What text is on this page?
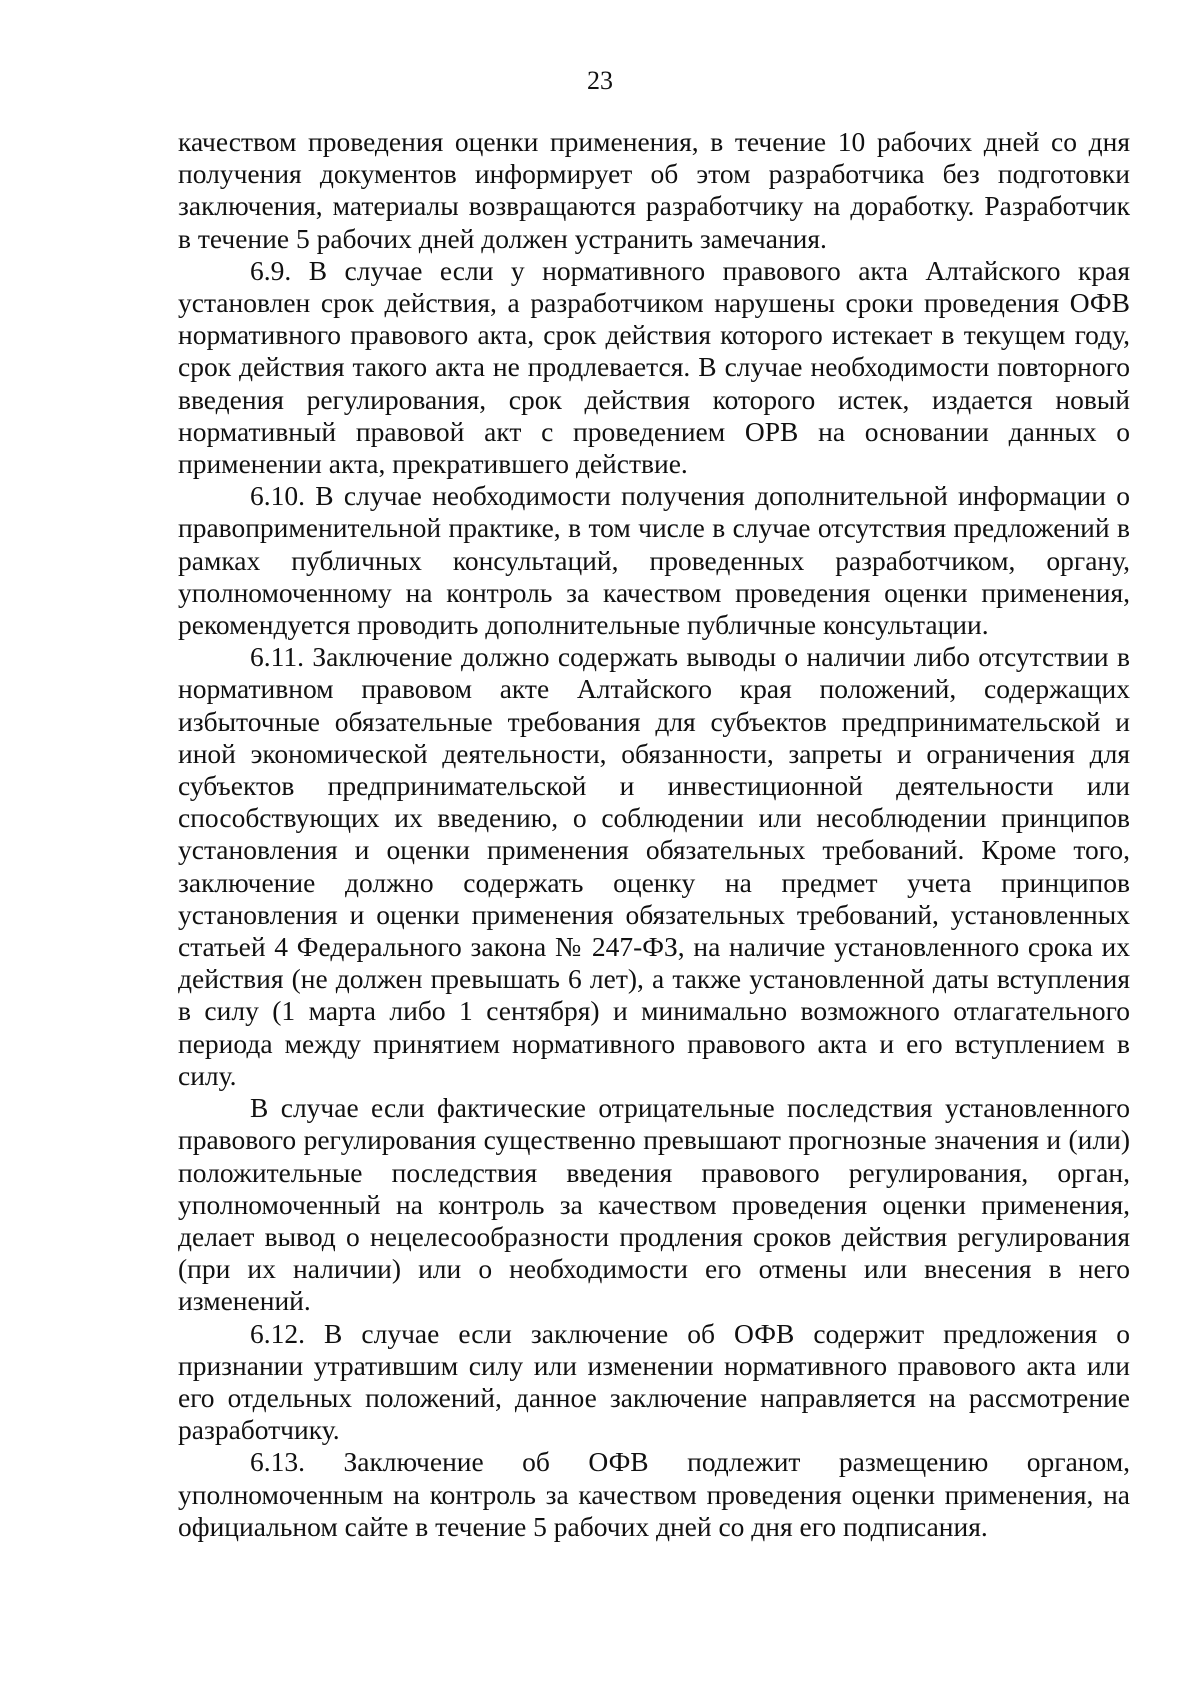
23

качеством проведения оценки применения, в течение 10 рабочих дней со дня получения документов информирует об этом разработчика без подготовки заключения, материалы возвращаются разработчику на доработку. Разработчик в течение 5 рабочих дней должен устранить замечания.

6.9. В случае если у нормативного правового акта Алтайского края установлен срок действия, а разработчиком нарушены сроки проведения ОФВ нормативного правового акта, срок действия которого истекает в текущем году, срок действия такого акта не продлевается. В случае необходимости повторного введения регулирования, срок действия которого истек, издается новый нормативный правовой акт с проведением ОРВ на основании данных о применении акта, прекратившего действие.

6.10. В случае необходимости получения дополнительной информации о правоприменительной практике, в том числе в случае отсутствия предложений в рамках публичных консультаций, проведенных разработчиком, органу, уполномоченному на контроль за качеством проведения оценки применения, рекомендуется проводить дополнительные публичные консультации.

6.11. Заключение должно содержать выводы о наличии либо отсутствии в нормативном правовом акте Алтайского края положений, содержащих избыточные обязательные требования для субъектов предпринимательской и иной экономической деятельности, обязанности, запреты и ограничения для субъектов предпринимательской и инвестиционной деятельности или способствующих их введению, о соблюдении или несоблюдении принципов установления и оценки применения обязательных требований. Кроме того, заключение должно содержать оценку на предмет учета принципов установления и оценки применения обязательных требований, установленных статьей 4 Федерального закона № 247-ФЗ, на наличие установленного срока их действия (не должен превышать 6 лет), а также установленной даты вступления в силу (1 марта либо 1 сентября) и минимально возможного отлагательного периода между принятием нормативного правового акта и его вступлением в силу.

В случае если фактические отрицательные последствия установленного правового регулирования существенно превышают прогнозные значения и (или) положительные последствия введения правового регулирования, орган, уполномоченный на контроль за качеством проведения оценки применения, делает вывод о нецелесообразности продления сроков действия регулирования (при их наличии) или о необходимости его отмены или внесения в него изменений.

6.12. В случае если заключение об ОФВ содержит предложения о признании утратившим силу или изменении нормативного правового акта или его отдельных положений, данное заключение направляется на рассмотрение разработчику.

6.13. Заключение об ОФВ подлежит размещению органом, уполномоченным на контроль за качеством проведения оценки применения, на официальном сайте в течение 5 рабочих дней со дня его подписания.
